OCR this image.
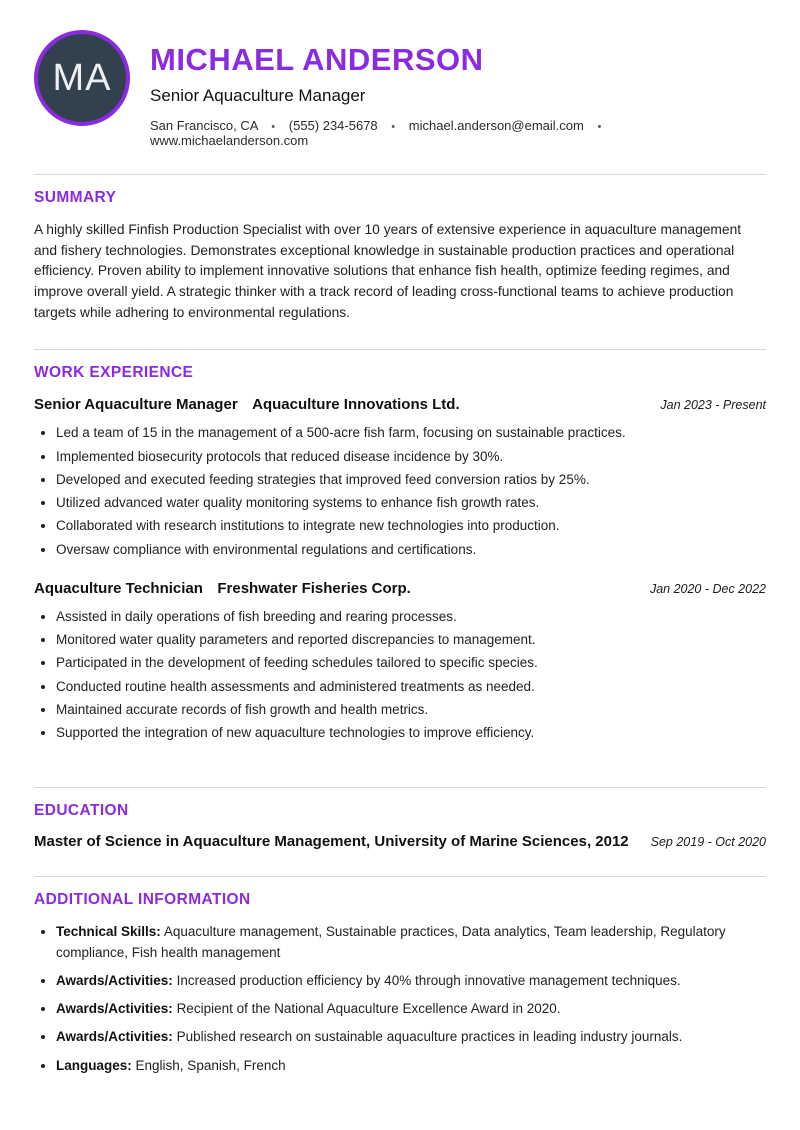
MA MICHAEL ANDERSON
Senior Aquaculture Manager
San Francisco, CA • (555) 234-5678 • michael.anderson@email.com • www.michaelanderson.com
SUMMARY

A highly skilled Finfish Production Specialist with over 10 years of extensive experience in aquaculture management and fishery technologies. Demonstrates exceptional knowledge in sustainable production practices and operational efficiency. Proven ability to implement innovative solutions that enhance fish health, optimize feeding regimes, and improve overall yield. A strategic thinker with a track record of leading cross-functional teams to achieve production targets while adhering to environmental regulations.

WORK EXPERIENCE
Senior Aquaculture Manager Aquaculture Innovations Ltd.	Jan 2023 - Present
• Led a team of 15 in the management of a 500-acre fish farm, focusing on sustainable practices.
• Implemented biosecurity protocols that reduced disease incidence by 30%.
• Developed and executed feeding strategies that improved feed conversion ratios by 25%.
• Utilized advanced water quality monitoring systems to enhance fish growth rates.
• Collaborated with research institutions to integrate new technologies into production.
• Oversaw compliance with environmental regulations and certifications.
Aquaculture Technician Freshwater Fisheries Corp.	Jan 2020 - Dec 2022
• Assisted in daily operations of fish breeding and rearing processes.
• Monitored water quality parameters and reported discrepancies to management.
• Participated in the development of feeding schedules tailored to specific species.
• Conducted routine health assessments and administered treatments as needed.
• Maintained accurate records of fish growth and health metrics.
• Supported the integration of new aquaculture technologies to improve efficiency.
EDUCATION
Master of Science in Aquaculture Management, University of Marine Sciences, 2012 Sep 2019 - Oct 2020
ADDITIONAL INFORMATION
• Technical Skills: Aquaculture management, Sustainable practices, Data analytics, Team leadership, Regulatory compliance, Fish health management
• Awards/Activities: Increased production efficiency by 40% through innovative management techniques.
• Awards/Activities: Recipient of the National Aquaculture Excellence Award in 2020.
• Awards/Activities: Published research on sustainable aquaculture practices in leading industry journals.
• Languages: English, Spanish, French
